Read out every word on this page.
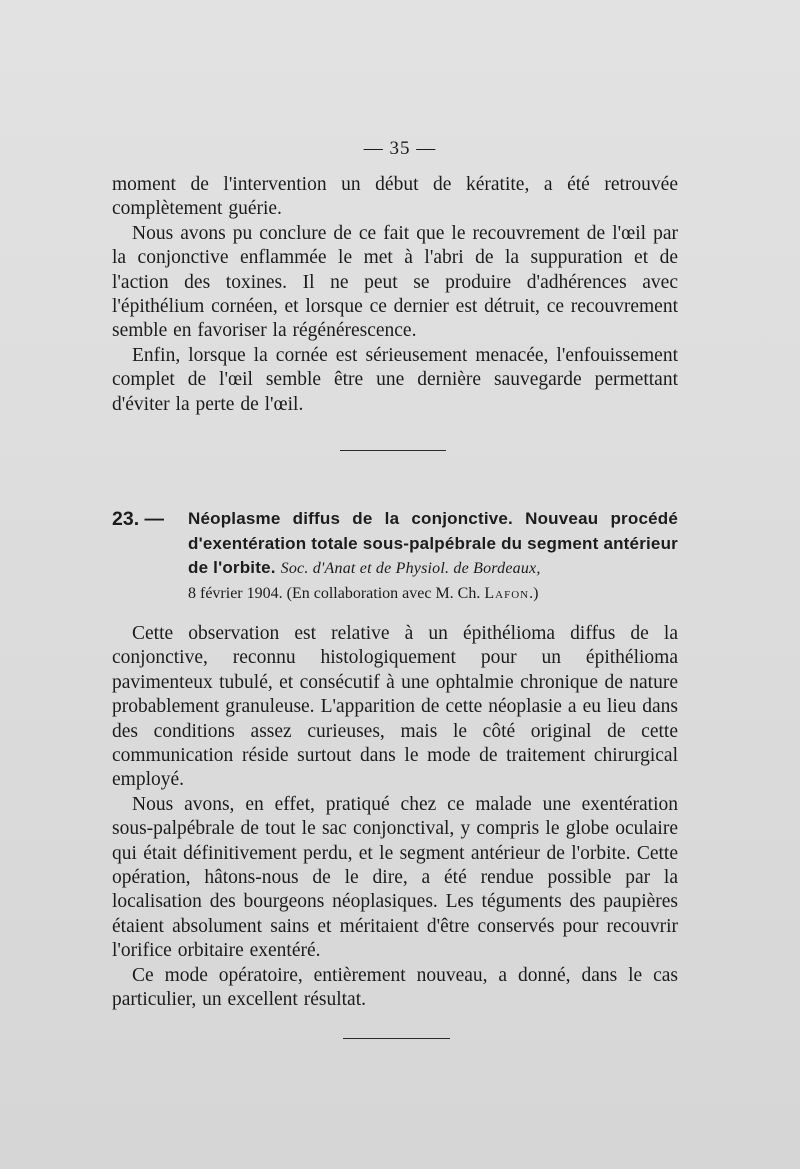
— 35 —

moment de l'intervention un début de kératite, a été retrouvée complètement guérie.

Nous avons pu conclure de ce fait que le recouvrement de l'œil par la conjonctive enflammée le met à l'abri de la suppuration et de l'action des toxines. Il ne peut se produire d'adhérences avec l'épithélium cornéen, et lorsque ce dernier est détruit, ce recouvrement semble en favoriser la régénérescence.

Enfin, lorsque la cornée est sérieusement menacée, l'enfouissement complet de l'œil semble être une dernière sauvegarde permettant d'éviter la perte de l'œil.

23. — Néoplasme diffus de la conjonctive. Nouveau procédé d'exentération totale sous-palpébrale du segment antérieur de l'orbite. Soc. d'Anat et de Physiol. de Bordeaux,

8 février 1904. (En collaboration avec M. Ch. Lafon.)

Cette observation est relative à un épithélioma diffus de la conjonctive, reconnu histologiquement pour un épithélioma pavimenteux tubulé, et consécutif à une ophtalmie chronique de nature probablement granuleuse. L'apparition de cette néoplasie a eu lieu dans des conditions assez curieuses, mais le côté original de cette communication réside surtout dans le mode de traitement chirurgical employé.

Nous avons, en effet, pratiqué chez ce malade une exentération sous-palpébrale de tout le sac conjonctival, y compris le globe oculaire qui était définitivement perdu, et le segment antérieur de l'orbite. Cette opération, hâtons-nous de le dire, a été rendue possible par la localisation des bourgeons néoplasiques. Les téguments des paupières étaient absolument sains et méritaient d'être conservés pour recouvrir l'orifice orbitaire exentéré.

Ce mode opératoire, entièrement nouveau, a donné, dans le cas particulier, un excellent résultat.
